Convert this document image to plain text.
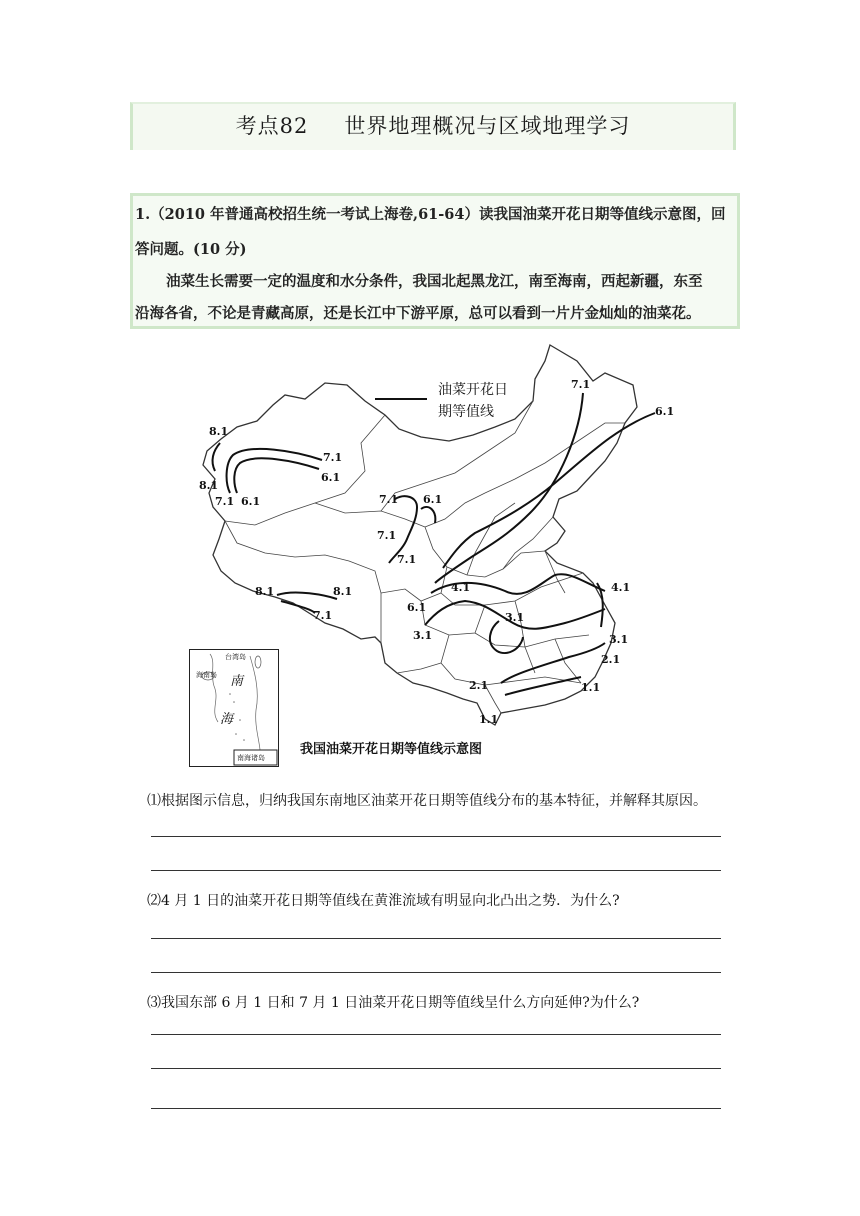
考点82 世界地理概况与区域地理学习
1.（2010 年普通高校招生统一考试上海卷,61-64）读我国油菜开花日期等值线示意图，回
答问题。(10 分)
油菜生长需要一定的温度和水分条件，我国北起黑龙江，南至海南，西起新疆，东至
沿海各省，不论是青藏高原，还是长江中下游平原，总可以看到一片片金灿灿的油菜花。
7.1
6.1
8.1
7.1
6.1
8.1
7.1 6.1	7.1 6.1
7.1
7.1
4.1
6.1
3.1
3.1
4.1
3.1
8.1	8.1
7.1
2.1
2.1	1.1
1.1
油菜开花日
期等值线
台湾岛
海南岛 南
海
南海诸岛
我国油菜开花日期等值线示意图
⑴根据图示信息，归纳我国东南地区油菜开花日期等值线分布的基本特征，并解释其原因。
⑵4 月 1 日的油菜开花日期等值线在黄淮流域有明显向北凸出之势．为什么?
⑶我国东部 6 月 1 日和 7 月 1 日油菜开花日期等值线呈什么方向延伸?为什么?
